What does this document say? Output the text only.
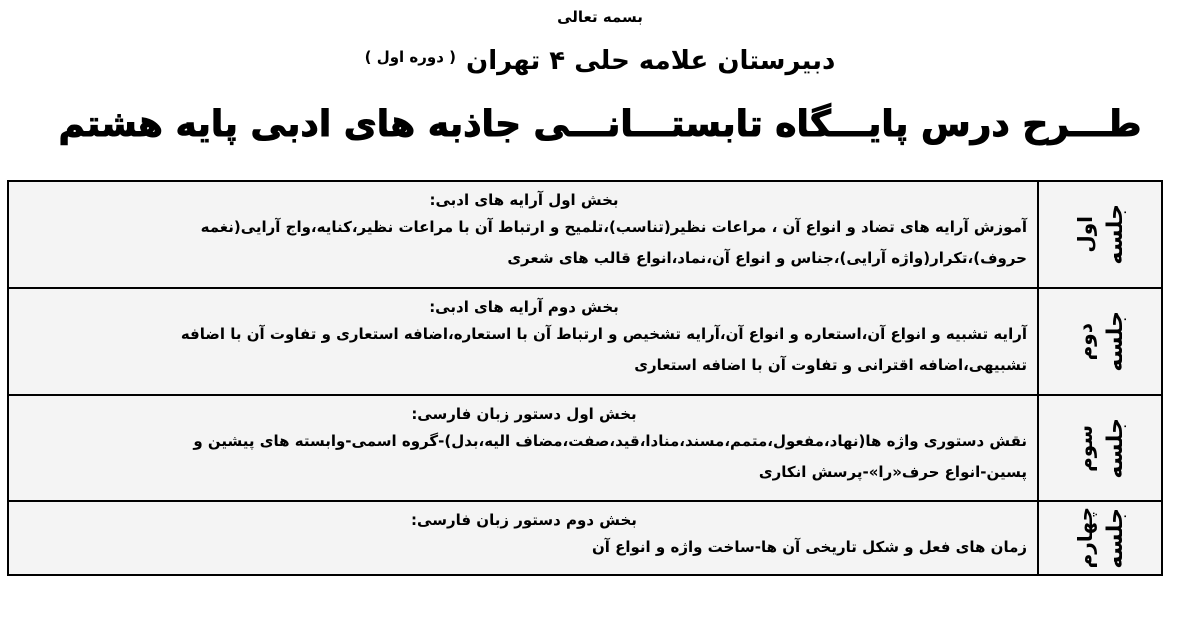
بسمه تعالی
دبیرستان علامه حلی ۴ تهران
( دوره اول )
طـــرح درس پایـــگاه تابستـــانـــی جاذبه های ادبی پایه هشتم
بخش اول آرایه های ادبی:
آموزش آرایه های تضاد و انواع آن ، مراعات نظیر(تناسب)،تلمیح و ارتباط آن با مراعات نظیر،کنایه،واج آرایی(نغمه
حروف)،تکرار(واژه آرایی)،جناس و انواع آن،نماد،انواع قالب های شعری
اول جلسه
بخش دوم آرایه های ادبی:
آرایه تشبیه و انواع آن،استعاره و انواع آن،آرایه تشخیص و ارتباط آن با استعاره،اضافه استعاری و تفاوت آن با اضافه
تشبیهی،اضافه اقترانی و تفاوت آن با اضافه استعاری
دوم جلسه
بخش اول دستور زبان فارسی:
نقش دستوری واژه ها(نهاد،مفعول،متمم،مسند،منادا،قید،صفت،مضاف الیه،بدل)-گروه اسمی-وابسته های پیشین و
پسین-انواع حرف«را»-پرسش انکاری
سوم جلسه
بخش دوم دستور زبان فارسی:
زمان های فعل و شکل تاریخی آن ها-ساخت واژه و انواع آن چهارم جلسه
